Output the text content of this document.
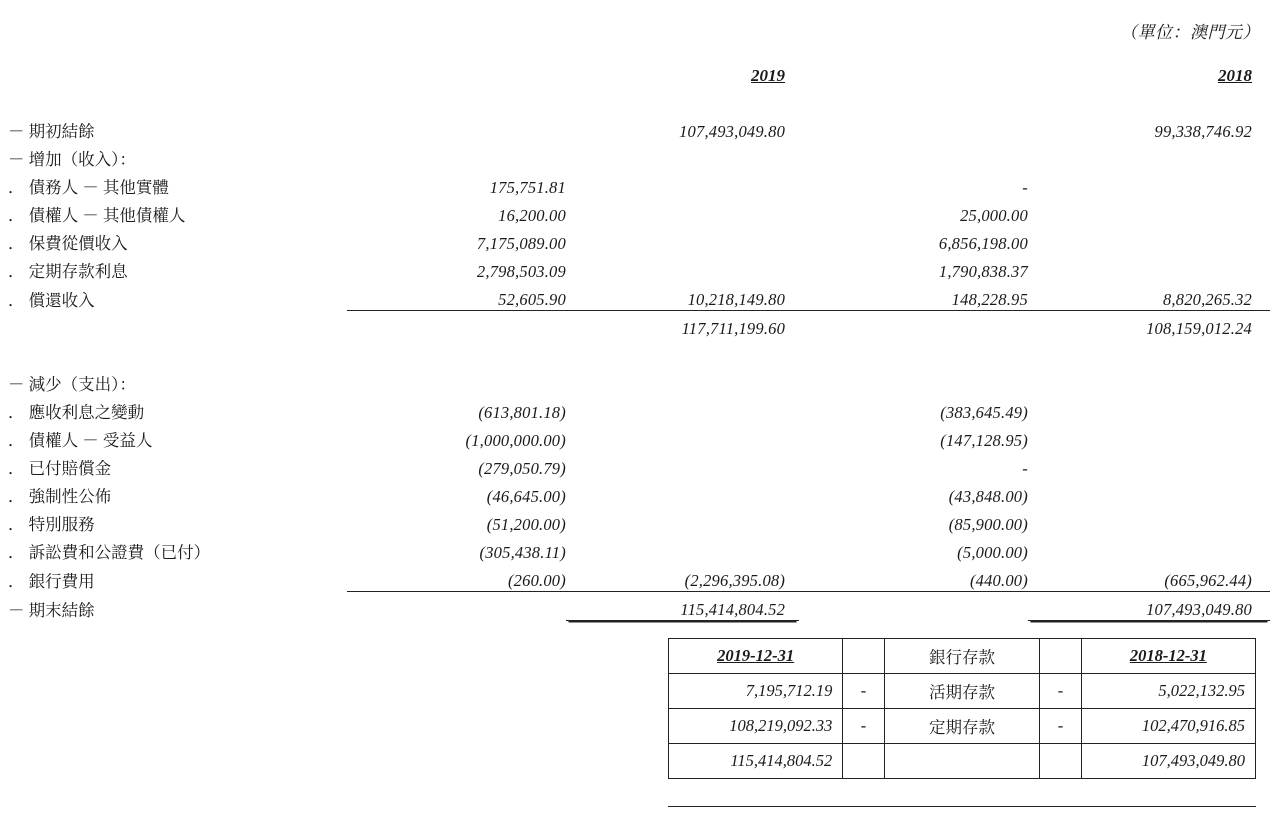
（單位：澳門元）
		2019		2018

－ 期初結餘		107,493,049.80		99,338,746.92
－ 增加（收入）：				
． 債務人 － 其他實體	175,751.81		-	
． 債權人 － 其他債權人	16,200.00		25,000.00	
． 保費從價收入	7,175,089.00		6,856,198.00	
． 定期存款利息	2,798,503.09		1,790,838.37	
． 償還收入	52,605.90	10,218,149.80	148,228.95	8,820,265.32
		117,711,199.60		108,159,012.24

－ 減少（支出）：				
． 應收利息之變動	(613,801.18)		(383,645.49)	
． 債權人 － 受益人	(1,000,000.00)		(147,128.95)	
． 已付賠償金	(279,050.79)		-	
． 強制性公佈	(46,645.00)		(43,848.00)	
． 特別服務	(51,200.00)		(85,900.00)	
． 訴訟費和公證費（已付）	(305,438.11)		(5,000.00)	
． 銀行費用	(260.00)	(2,296,395.08)	(440.00)	(665,962.44)
－ 期末結餘		115,414,804.52		107,493,049.80
2019-12-31		銀行存款		2018-12-31
7,195,712.19	-	活期存款	-	5,022,132.95
108,219,092.33	-	定期存款	-	102,470,916.85
115,414,804.52				107,493,049.80
